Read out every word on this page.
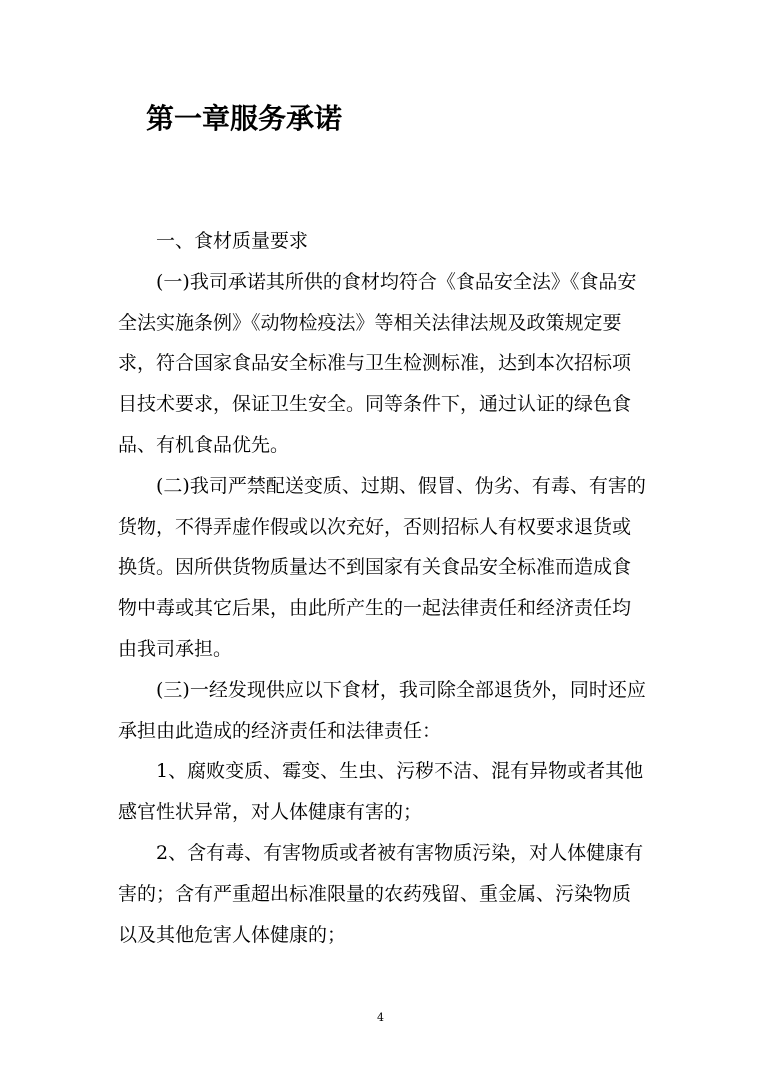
第一章服务承诺
一、食材质量要求
(一)我司承诺其所供的食材均符合《食品安全法》《食品安
全法实施条例》《动物检疫法》等相关法律法规及政策规定要
求，符合国家食品安全标准与卫生检测标准，达到本次招标项
目技术要求，保证卫生安全。同等条件下，通过认证的绿色食
品、有机食品优先。
(二)我司严禁配送变质、过期、假冒、伪劣、有毒、有害的
货物，不得弄虚作假或以次充好，否则招标人有权要求退货或
换货。因所供货物质量达不到国家有关食品安全标准而造成食
物中毒或其它后果，由此所产生的一起法律责任和经济责任均
由我司承担。
(三)一经发现供应以下食材，我司除全部退货外，同时还应
承担由此造成的经济责任和法律责任：
1、腐败变质、霉变、生虫、污秽不洁、混有异物或者其他
感官性状异常，对人体健康有害的；
2、含有毒、有害物质或者被有害物质污染，对人体健康有
害的；含有严重超出标准限量的农药残留、重金属、污染物质
以及其他危害人体健康的；
4
